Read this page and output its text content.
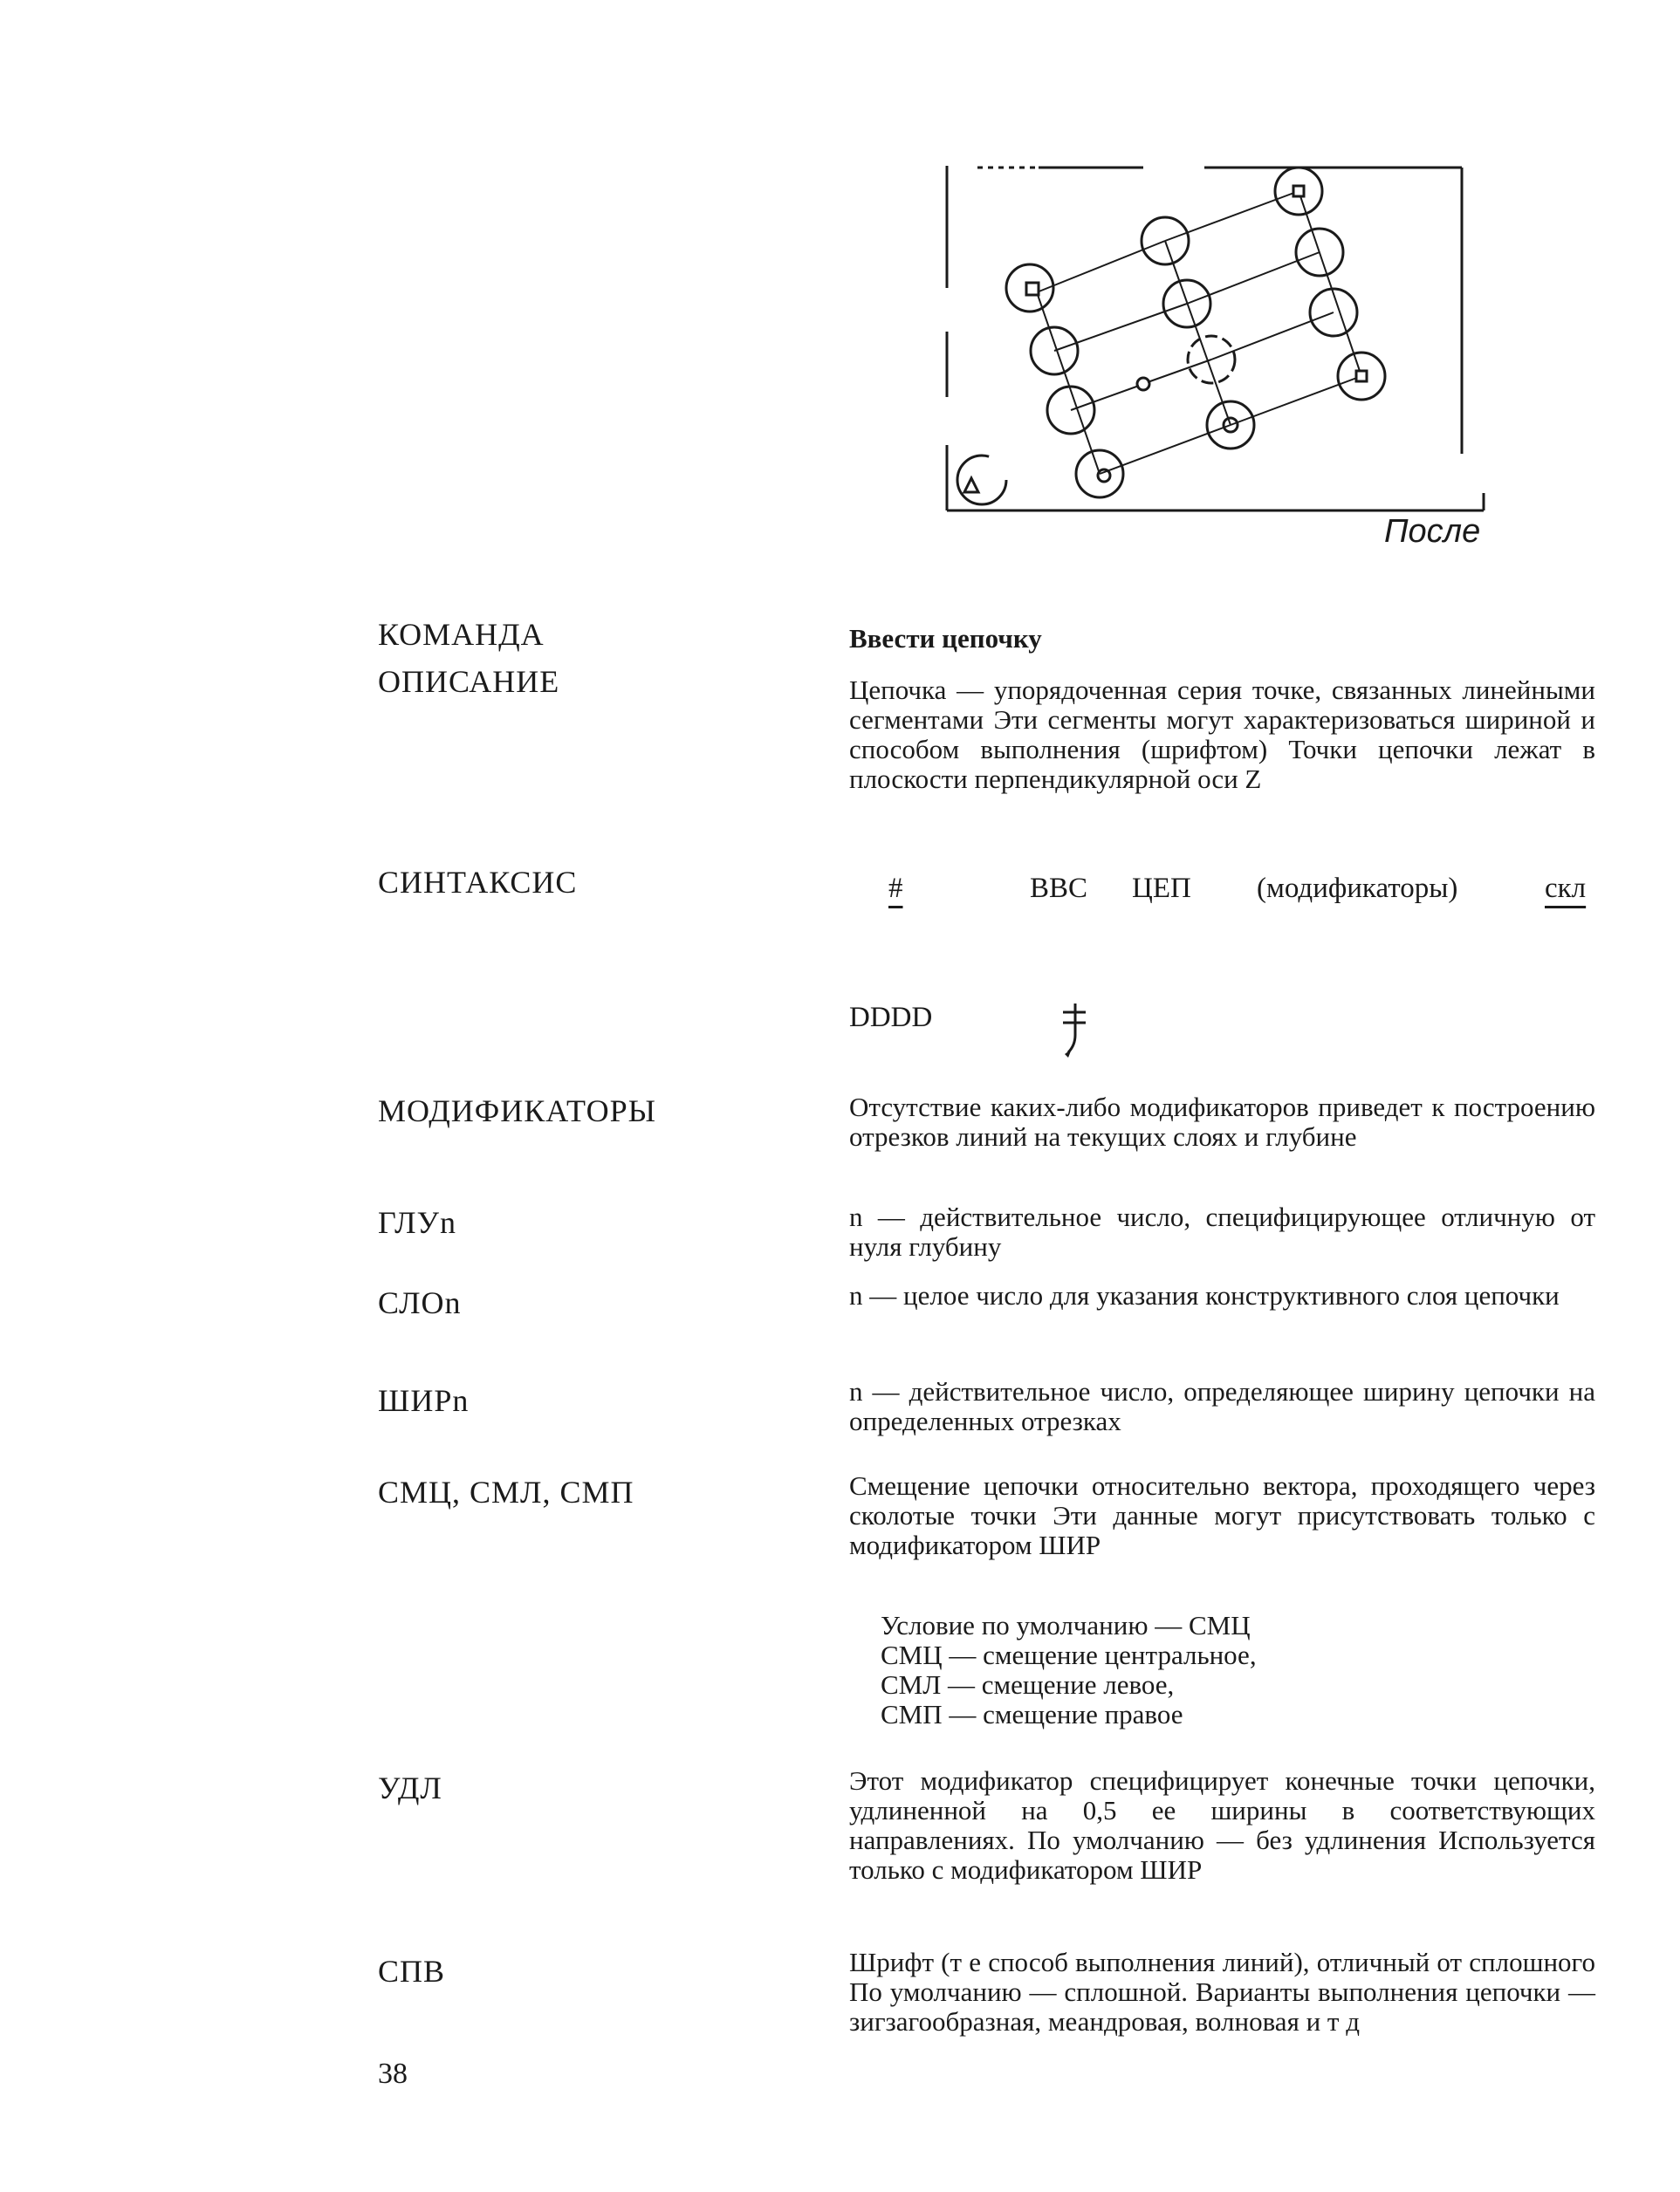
После
КОМАНДА
ОПИСАНИЕ
СИНТАКСИС
МОДИФИКАТОРЫ
ГЛУn
СЛОn
ШИРn
СМЦ, СМЛ, СМП
УДЛ
СПВ
Ввести цепочку
Цепочка — упорядоченная серия точке, связанных линейными сегментами Эти сегменты могут характеризоваться шириной и способом выполнения (шрифтом) Точки цепочки лежат в плоскости перпендикулярной оси Z
#	ВВС ЦЕП (модификаторы)	скл
DDDD
Отсутствие каких-либо модификаторов приведет к построению отрезков линий на текущих слоях и глубине
n — действительное число, специфицирующее отличную от нуля глубину
n — целое число для указания конструктивного слоя цепочки
n — действительное число, определяющее ширину цепочки на определенных отрезках
Смещение цепочки относительно вектора, проходящего через сколотые точки Эти данные могут присутствовать только с модификатором ШИР
Условие по умолчанию — СМЦ
СМЦ — смещение центральное,
СМЛ — смещение левое,
СМП — смещение правое
Этот модификатор специфицирует конечные точки цепочки, удлиненной на 0,5 ее ширины в соответствующих направлениях. По умолчанию — без удлинения Используется только с модификатором ШИР
Шрифт (т е способ выполнения линий), отличный от сплошного По умолчанию — сплошной. Варианты выполнения цепочки — зигзагообразная, меандровая, волновая и т д
38
